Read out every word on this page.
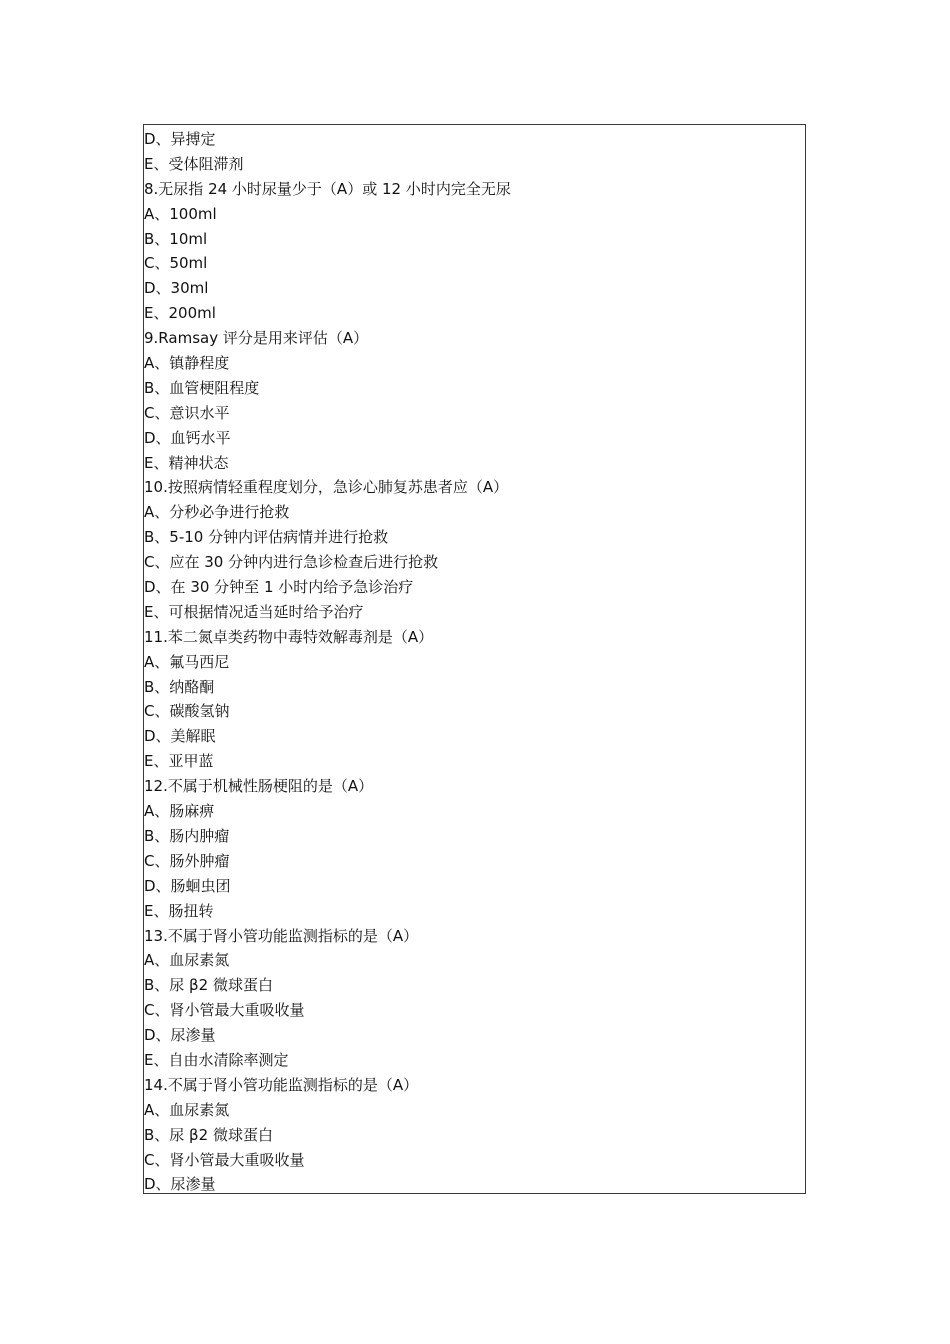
D、异搏定
E、受体阻滞剂
8.无尿指 24 小时尿量少于（A）或 12 小时内完全无尿
A、100ml
B、10ml
C、50ml
D、30ml
E、200ml
9.Ramsay 评分是用来评估（A）
A、镇静程度
B、血管梗阻程度
C、意识水平
D、血钙水平
E、精神状态
10.按照病情轻重程度划分，急诊心肺复苏患者应（A）
A、分秒必争进行抢救
B、5-10 分钟内评估病情并进行抢救
C、应在 30 分钟内进行急诊检查后进行抢救
D、在 30 分钟至 1 小时内给予急诊治疗
E、可根据情况适当延时给予治疗
11.苯二氮卓类药物中毒特效解毒剂是（A）
A、氟马西尼
B、纳酪酮
C、碳酸氢钠
D、美解眠
E、亚甲蓝
12.不属于机械性肠梗阻的是（A）
A、肠麻痹
B、肠内肿瘤
C、肠外肿瘤
D、肠蛔虫团
E、肠扭转
13.不属于肾小管功能监测指标的是（A）
A、血尿素氮
B、尿 β2 微球蛋白
C、肾小管最大重吸收量
D、尿渗量
E、自由水清除率测定
14.不属于肾小管功能监测指标的是（A）
A、血尿素氮
B、尿 β2 微球蛋白
C、肾小管最大重吸收量
D、尿渗量
